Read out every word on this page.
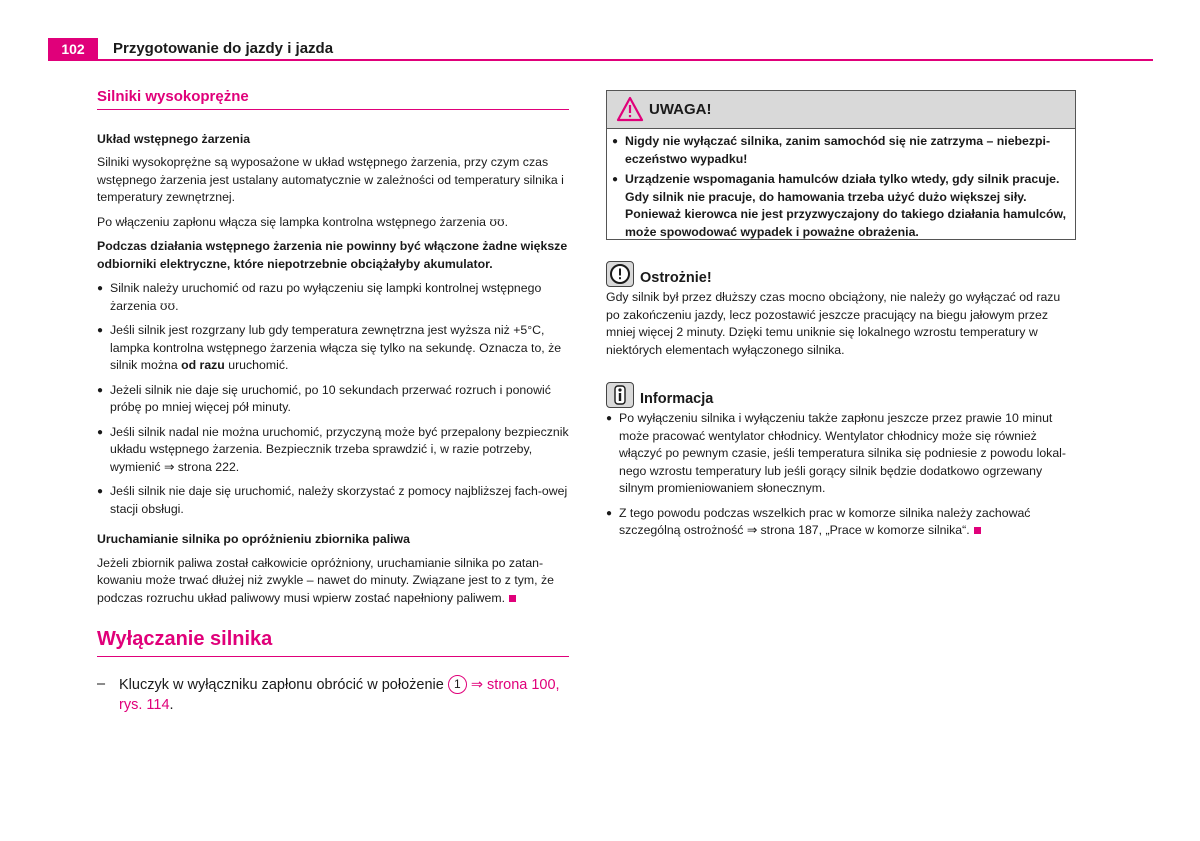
102	Przygotowanie do jazdy i jazda
Silniki wysokoprężne
Układ wstępnego żarzenia

Silniki wysokoprężne są wyposażone w układ wstępnego żarzenia, przy czym czas wstępnego żarzenia jest ustalany automatycznie w zależności od temperatury silnika i temperatury zewnętrznej.

Po włączeniu zapłonu włącza się lampka kontrolna wstępnego żarzenia ʊʊ.

Podczas działania wstępnego żarzenia nie powinny być włączone żadne większe odbiorniki elektryczne, które niepotrzebnie obciążałyby akumulator.

● Silnik należy uruchomić od razu po wyłączeniu się lampki kontrolnej wstępnego żarzenia ʊʊ.
● Jeśli silnik jest rozgrzany lub gdy temperatura zewnętrzna jest wyższa niż +5°C, lampka kontrolna wstępnego żarzenia włącza się tylko na sekundę. Oznacza to, że silnik można od razu uruchomić.
● Jeżeli silnik nie daje się uruchomić, po 10 sekundach przerwać rozruch i ponowić próbę po mniej więcej pół minuty.
● Jeśli silnik nadal nie można uruchomić, przyczyną może być przepalony bezpiecznik układu wstępnego żarzenia. Bezpiecznik trzeba sprawdzić i, w razie potrzeby, wymienić ⇒ strona 222.
● Jeśli silnik nie daje się uruchomić, należy skorzystać z pomocy najbliższej fach-owej stacji obsługi.
Uruchamianie silnika po opróżnieniu zbiornika paliwa

Jeżeli zbiornik paliwa został całkowicie opróżniony, uruchamianie silnika po zatan-kowaniu może trwać dłużej niż zwykle – nawet do minuty. Związane jest to z tym, że podczas rozruchu układ paliwowy musi wpierw zostać napełniony paliwem.

Wyłączanie silnika
– Kluczyk w wyłączniku zapłonu obrócić w położenie 1 ⇒ strona 100, rys. 114.
UWAGA!
● Nigdy nie wyłączać silnika, zanim samochód się nie zatrzyma – niebezpi-eczeństwo wypadku!
● Urządzenie wspomagania hamulców działa tylko wtedy, gdy silnik pracuje. Gdy silnik nie pracuje, do hamowania trzeba użyć dużo większej siły. Ponieważ kierowca nie jest przyzwyczajony do takiego działania hamulców, może spowodować wypadek i poważne obrażenia.
Ostrożnie!

Gdy silnik był przez dłuższy czas mocno obciążony, nie należy go wyłączać od razu po zakończeniu jazdy, lecz pozostawić jeszcze pracujący na biegu jałowym przez mniej więcej 2 minuty. Dzięki temu uniknie się lokalnego wzrostu temperatury w niektórych elementach wyłączonego silnika.

Informacja
● Po wyłączeniu silnika i wyłączeniu także zapłonu jeszcze przez prawie 10 minut może pracować wentylator chłodnicy. Wentylator chłodnicy może się również włączyć po pewnym czasie, jeśli temperatura silnika się podniesie z powodu lokal-nego wzrostu temperatury lub jeśli gorący silnik będzie dodatkowo ogrzewany silnym promieniowaniem słonecznym.
● Z tego powodu podczas wszelkich prac w komorze silnika należy zachować szczególną ostrożność ⇒ strona 187, „Prace w komorze silnika“.
